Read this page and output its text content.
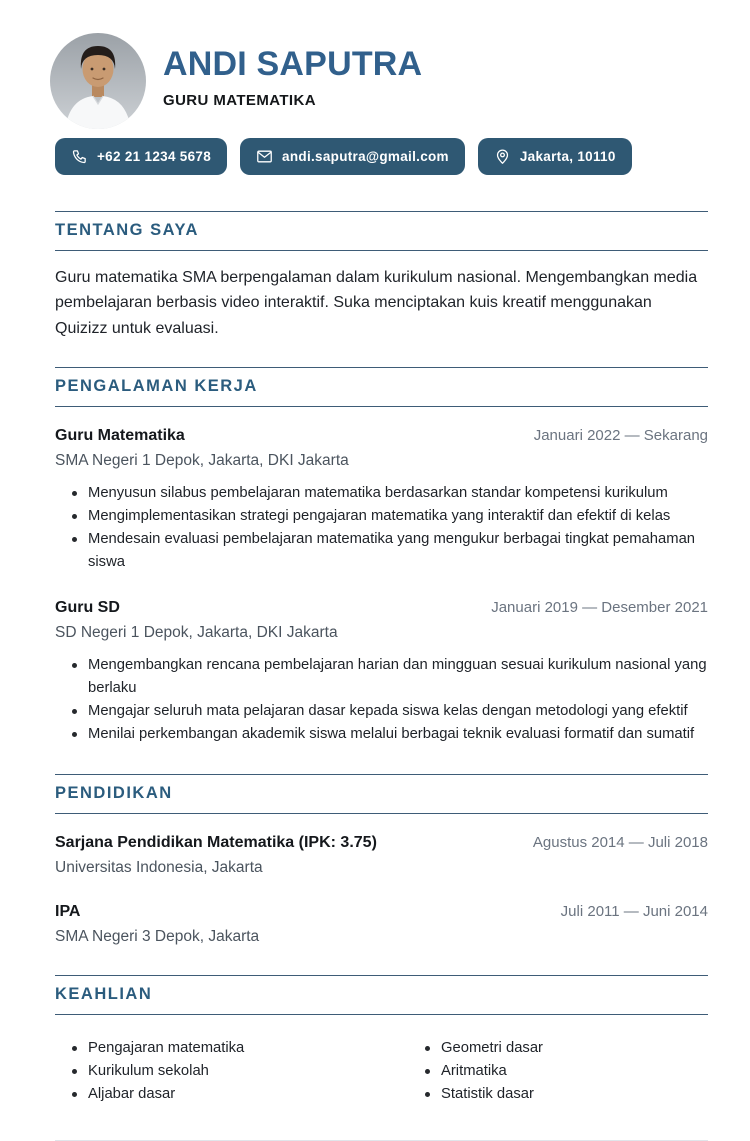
ANDI SAPUTRA
GURU MATEMATIKA
+62 21 1234 5678	andi.saputra@gmail.com	Jakarta, 10110
TENTANG SAYA

Guru matematika SMA berpengalaman dalam kurikulum nasional. Mengembangkan media pembelajaran berbasis video interaktif. Suka menciptakan kuis kreatif menggunakan Quizizz untuk evaluasi.

PENGALAMAN KERJA
Guru Matematika	Januari 2022 — Sekarang
SMA Negeri 1 Depok, Jakarta, DKI Jakarta
Menyusun silabus pembelajaran matematika berdasarkan standar kompetensi kurikulum
Mengimplementasikan strategi pengajaran matematika yang interaktif dan efektif di kelas
Mendesain evaluasi pembelajaran matematika yang mengukur berbagai tingkat pemahaman siswa
Guru SD	Januari 2019 — Desember 2021
SD Negeri 1 Depok, Jakarta, DKI Jakarta
Mengembangkan rencana pembelajaran harian dan mingguan sesuai kurikulum nasional yang berlaku
Mengajar seluruh mata pelajaran dasar kepada siswa kelas dengan metodologi yang efektif
Menilai perkembangan akademik siswa melalui berbagai teknik evaluasi formatif dan sumatif
PENDIDIKAN
Sarjana Pendidikan Matematika (IPK: 3.75)	Agustus 2014 — Juli 2018
Universitas Indonesia, Jakarta
IPA	Juli 2011 — Juni 2014
SMA Negeri 3 Depok, Jakarta
KEAHLIAN
Pengajaran matematika
Kurikulum sekolah
Aljabar dasar
Geometri dasar
Aritmatika
Statistik dasar
